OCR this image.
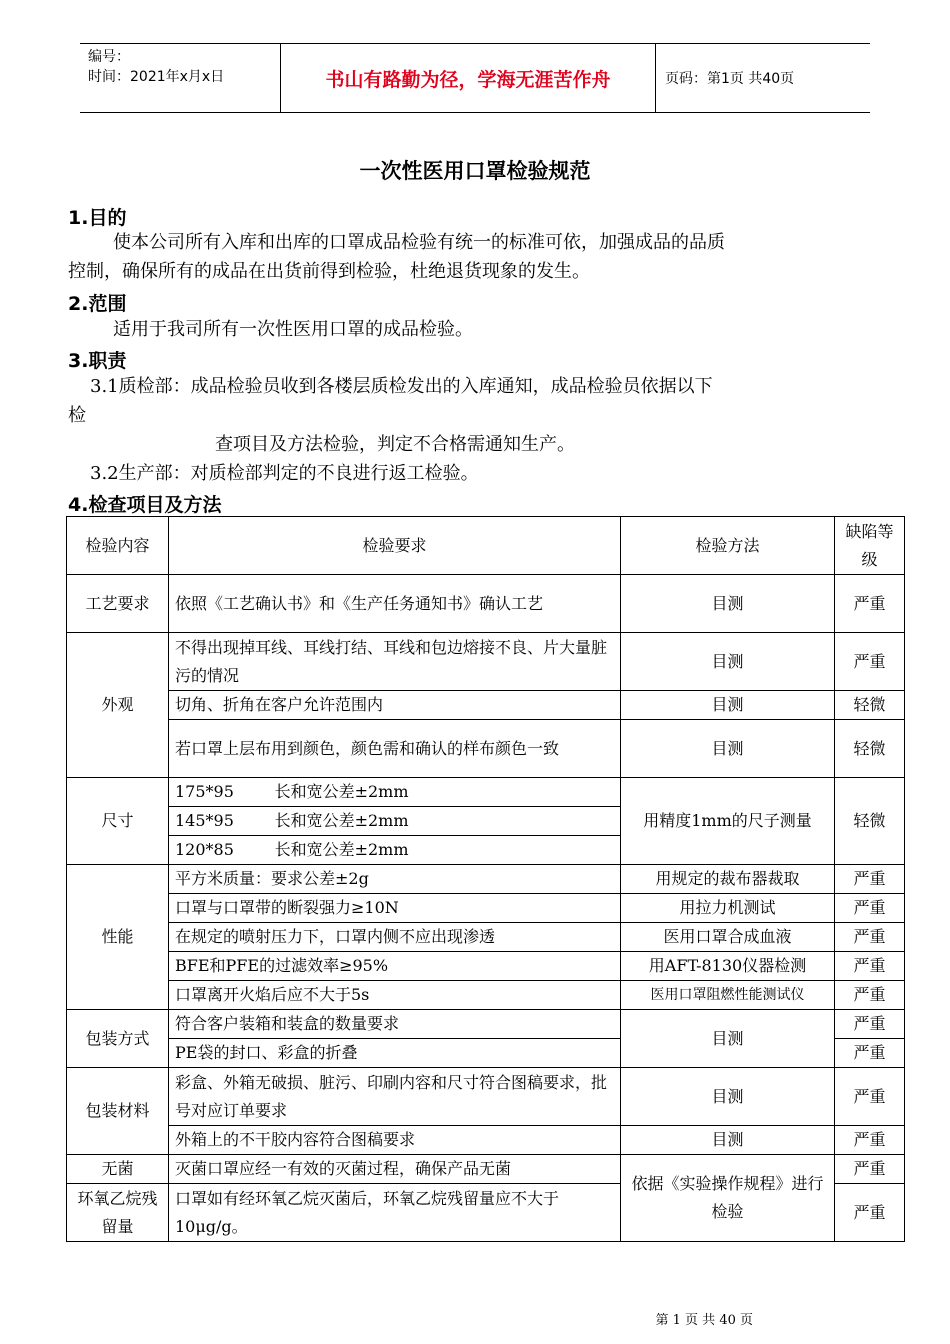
编号：
时间：2021年x月x日	书山有路勤为径，学海无涯苦作舟	页码：第1页 共40页
一次性医用口罩检验规范
1.目的
使本公司所有入库和出库的口罩成品检验有统一的标准可依，加强成品的品质
控制，确保所有的成品在出货前得到检验，杜绝退货现象的发生。
2.范围
适用于我司所有一次性医用口罩的成品检验。
3.职责
3.1质检部：成品检验员收到各楼层质检发出的入库通知，成品检验员依据以下
检
查项目及方法检验，判定不合格需通知生产。
3.2生产部：对质检部判定的不良进行返工检验。
4.检查项目及方法
检验内容	检验要求	检验方法	缺陷等级
工艺要求	依照《工艺确认书》和《生产任务通知书》确认工艺	目测	严重
外观	不得出现掉耳线、耳线打结、耳线和包边熔接不良、片大量脏污的情况	目测	严重
	切角、折角在客户允许范围内	目测	轻微
	若口罩上层布用到颜色，颜色需和确认的样布颜色一致	目测	轻微
尺寸	175*95        长和宽公差±2mm	用精度1mm的尺子测量	轻微
	145*95        长和宽公差±2mm		
	120*85        长和宽公差±2mm		
性能	平方米质量：要求公差±2g	用规定的裁布器裁取	严重
	口罩与口罩带的断裂强力≥10N	用拉力机测试	严重
	在规定的喷射压力下，口罩内侧不应出现渗透	医用口罩合成血液	严重
	BFE和PFE的过滤效率≥95%	用AFT-8130仪器检测	严重
	口罩离开火焰后应不大于5s	医用口罩阻燃性能测试仪	严重
包装方式	符合客户装箱和装盒的数量要求	目测	严重
	PE袋的封口、彩盒的折叠		严重
包装材料	彩盒、外箱无破损、脏污、印刷内容和尺寸符合图稿要求，批号对应订单要求	目测	严重
	外箱上的不干胶内容符合图稿要求	目测	严重
无菌	灭菌口罩应经一有效的灭菌过程，确保产品无菌	依据《实验操作规程》进行检验	严重
环氧乙烷残留量	口罩如有经环氧乙烷灭菌后，环氧乙烷残留量应不大于10μg/g。		严重
第 1 页 共 40 页
